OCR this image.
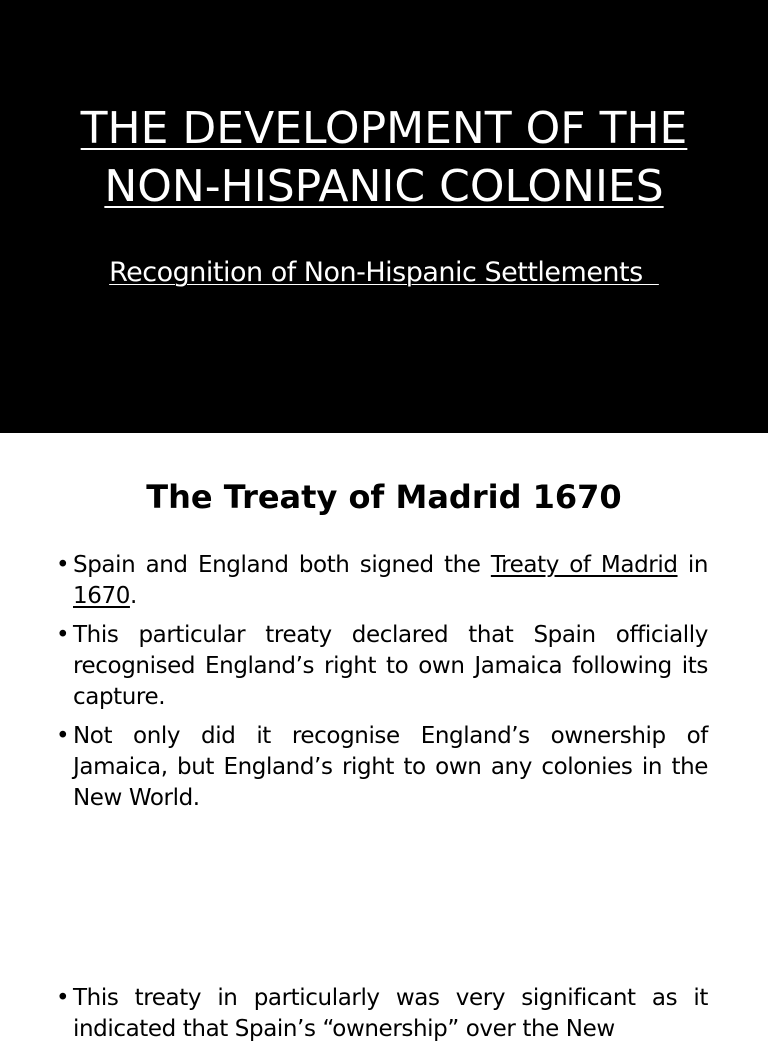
THE DEVELOPMENT OF THE NON-HISPANIC COLONIES

Recognition of Non-Hispanic Settlements

The Treaty of Madrid 1670
• Spain and England both signed the Treaty of Madrid in 1670.
• This particular treaty declared that Spain officially recognised England’s right to own Jamaica following its capture.
• Not only did it recognise England’s ownership of Jamaica, but England’s right to own any colonies in the New World.
• This treaty in particularly was very significant as it indicated that Spain’s “ownership” over the New
